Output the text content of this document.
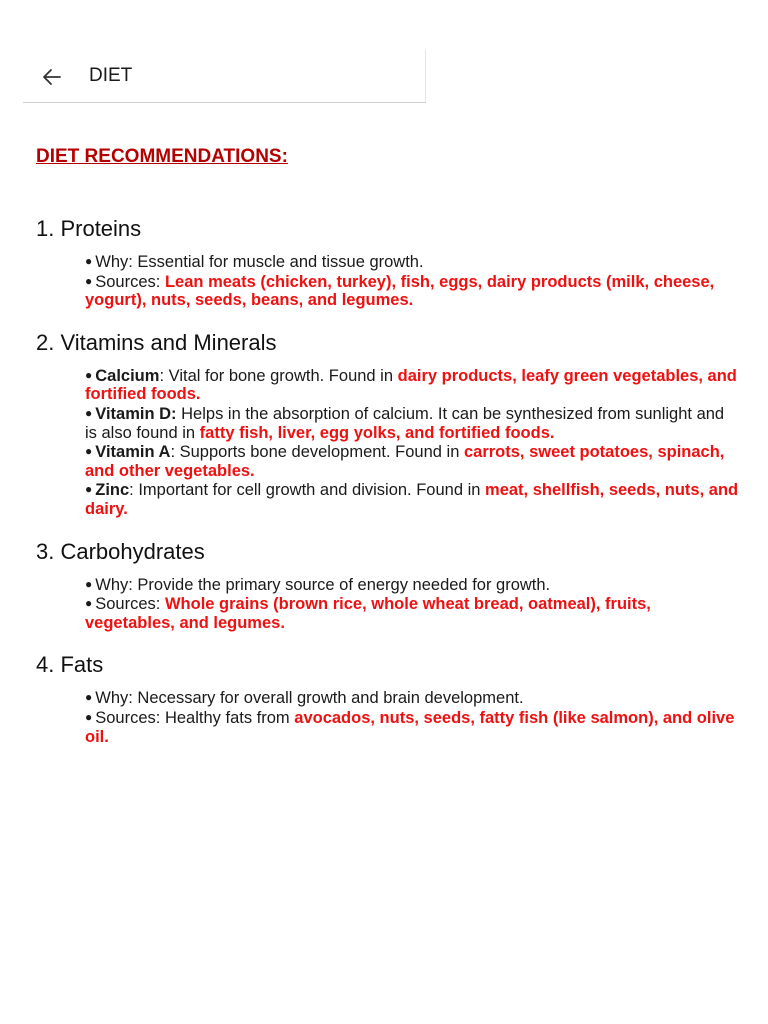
DIET
DIET RECOMMENDATIONS:
1. Proteins
● Why: Essential for muscle and tissue growth.
● Sources: Lean meats (chicken, turkey), fish, eggs, dairy products (milk, cheese, yogurt), nuts, seeds, beans, and legumes.
2. Vitamins and Minerals
● Calcium: Vital for bone growth. Found in dairy products, leafy green vegetables, and fortified foods.
● Vitamin D: Helps in the absorption of calcium. It can be synthesized from sunlight and is also found in fatty fish, liver, egg yolks, and fortified foods.
● Vitamin A: Supports bone development. Found in carrots, sweet potatoes, spinach, and other vegetables.
● Zinc: Important for cell growth and division. Found in meat, shellfish, seeds, nuts, and dairy.
3. Carbohydrates
● Why: Provide the primary source of energy needed for growth.
● Sources: Whole grains (brown rice, whole wheat bread, oatmeal), fruits, vegetables, and legumes.
4. Fats
● Why: Necessary for overall growth and brain development.
● Sources: Healthy fats from avocados, nuts, seeds, fatty fish (like salmon), and olive oil.
